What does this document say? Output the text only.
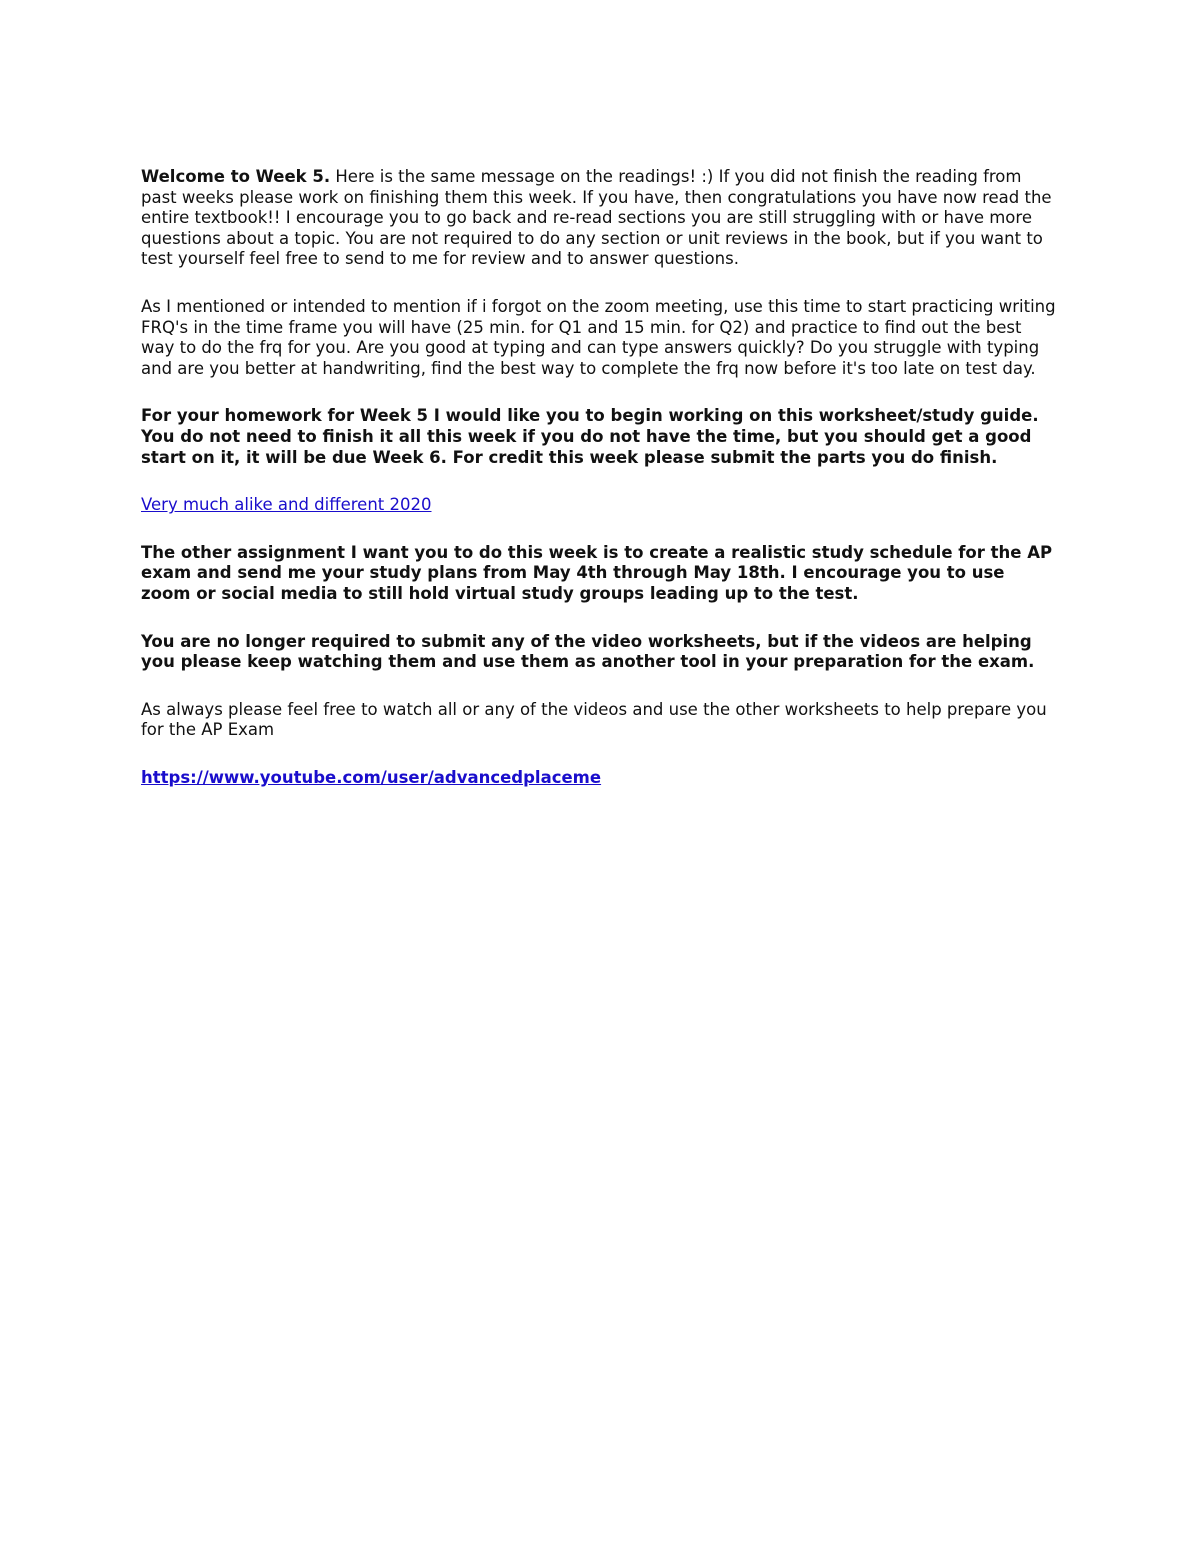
Welcome to Week 5. Here is the same message on the readings! :) If you did not finish the reading from past weeks please work on finishing them this week. If you have, then congratulations you have now read the entire textbook!! I encourage you to go back and re-read sections you are still struggling with or have more questions about a topic. You are not required to do any section or unit reviews in the book, but if you want to test yourself feel free to send to me for review and to answer questions.

As I mentioned or intended to mention if i forgot on the zoom meeting, use this time to start practicing writing FRQ's in the time frame you will have (25 min. for Q1 and 15 min. for Q2) and practice to find out the best way to do the frq for you. Are you good at typing and can type answers quickly? Do you struggle with typing and are you better at handwriting, find the best way to complete the frq now before it's too late on test day.

For your homework for Week 5 I would like you to begin working on this worksheet/study guide. You do not need to finish it all this week if you do not have the time, but you should get a good start on it, it will be due Week 6. For credit this week please submit the parts you do finish.

Very much alike and different 2020

The other assignment I want you to do this week is to create a realistic study schedule for the AP exam and send me your study plans from May 4th through May 18th. I encourage you to use zoom or social media to still hold virtual study groups leading up to the test.

You are no longer required to submit any of the video worksheets, but if the videos are helping you please keep watching them and use them as another tool in your preparation for the exam.

As always please feel free to watch all or any of the videos and use the other worksheets to help prepare you for the AP Exam

https://www.youtube.com/user/advancedplaceme
